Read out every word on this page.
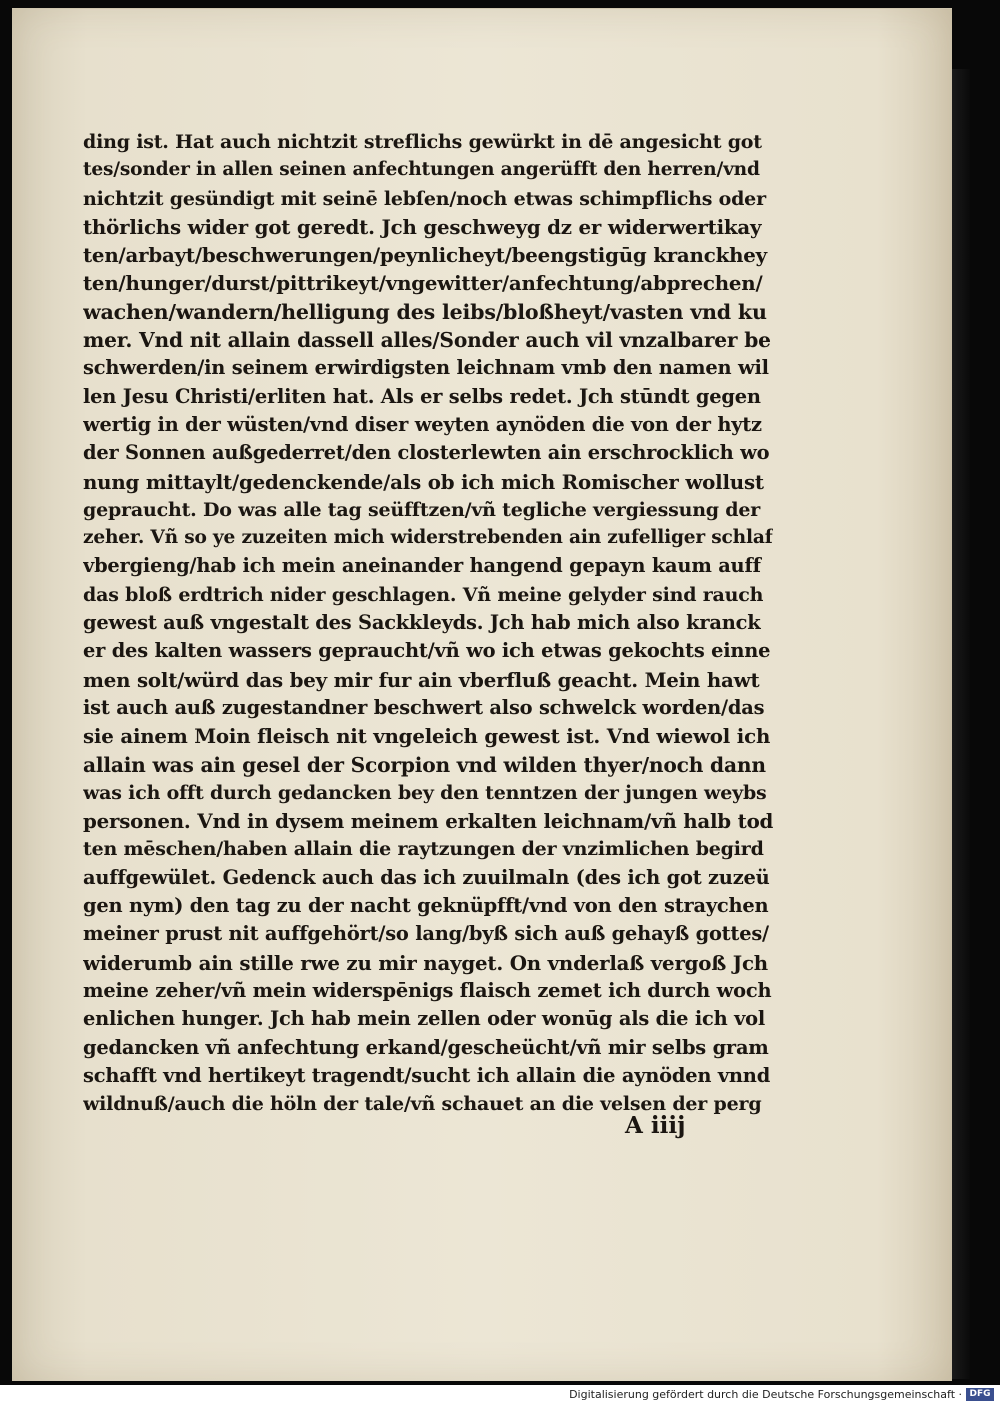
ding ist. Hat auch nichtzit streflichs gewürkt in dē angesicht got
tes/sonder in allen seinen anfechtungen angerüfft den herren/vnd
nichtzit gesündigt mit seinē lebſen/noch etwas schimpflichs oder
thörlichs wider got geredt. Jch geschweyg dz er widerwertikay
ten/arbayt/beschwerungen/peynlicheyt/beengstigūg kranckhey
ten/hunger/durst/pittrikeyt/vngewitter/anfechtung/abprechen/
wachen/wandern/helligung des leibs/bloßheyt/vasten vnd ku
mer. Vnd nit allain dassell alles/Sonder auch vil vnzalbarer be
schwerden/in seinem erwirdigsten leichnam vmb den namen wil
len Jesu Christi/erliten hat. Als er selbs redet. Jch stūndt gegen
wertig in der wüsten/vnd diser weyten aynöden die von der hytz
der Sonnen außgederret/den closterlewten ain erschrocklich wo
nung mittaylt/gedenckende/als ob ich mich Romischer wollust
gepraucht. Do was alle tag seüfftzen/vñ tegliche vergiessung der
zeher. Vñ so ye zuzeiten mich widerstrebenden ain zufelliger schlaf
vbergieng/hab ich mein aneinander hangend gepayn kaum auff
das bloß erdtrich nider geschlagen. Vñ meine gelyder sind rauch
gewest auß vngestalt des Sackkleyds. Jch hab mich also kranck
er des kalten wassers gepraucht/vñ wo ich etwas gekochts einne
men solt/würd das bey mir fur ain vberfluß geacht. Mein hawt
ist auch auß zugestandner beschwert also schwelck worden/das
sie ainem Moin fleisch nit vngeleich gewest ist. Vnd wiewol ich
allain was ain gesel der Scorpion vnd wilden thyer/noch dann
was ich offt durch gedancken bey den tenntzen der jungen weybs
personen. Vnd in dysem meinem erkalten leichnam/vñ halb tod
ten mēschen/haben allain die raytzungen der vnzimlichen begird
auffgewület. Gedenck auch das ich zuuilmaln (des ich got zuzeü
gen nym) den tag zu der nacht geknüpfft/vnd von den straychen
meiner prust nit auffgehört/so lang/byß sich auß gehayß gottes/
widerumb ain stille rwe zu mir nayget. On vnderlaß vergoß Jch
meine zeher/vñ mein widerspēnigs flaisch zemet ich durch woch
enlichen hunger. Jch hab mein zellen oder wonūg als die ich vol
gedancken vñ anfechtung erkand/gescheücht/vñ mir selbs gram
schafft vnd hertikeyt tragendt/sucht ich allain die aynöden vnnd
wildnuß/auch die höln der tale/vñ schauet an die velsen der perg
A iiij
Digitalisierung gefördert durch die Deutsche Forschungsgemeinschaft · DFG
